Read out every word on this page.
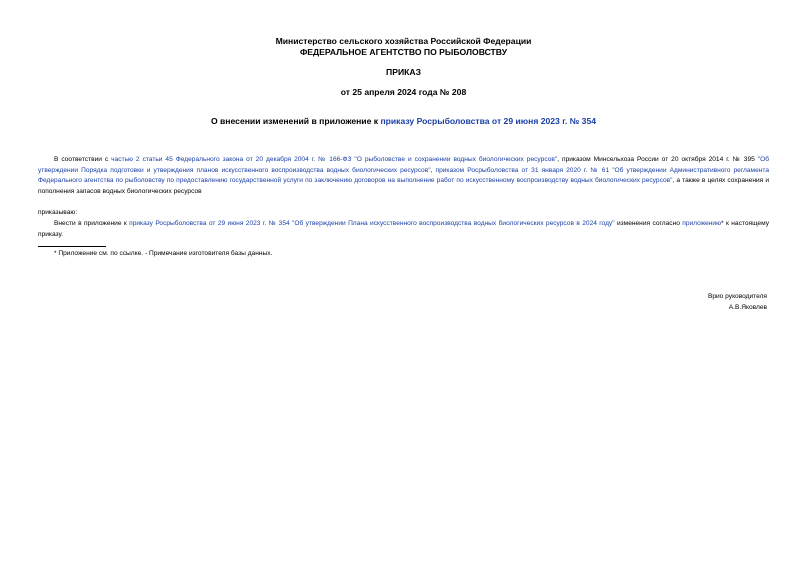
Министерство сельского хозяйства Российской Федерации
ФЕДЕРАЛЬНОЕ АГЕНТСТВО ПО РЫБОЛОВСТВУ
ПРИКАЗ
от 25 апреля 2024 года № 208
О внесении изменений в приложение к приказу Росрыболовства от 29 июня 2023 г. № 354
В соответствии с частью 2 статьи 45 Федерального закона от 20 декабря 2004 г. № 166-ФЗ "О рыболовстве и сохранении водных биологических ресурсов", приказом Минсельхоза России от 20 октября 2014 г. № 395 "Об утверждении Порядка подготовки и утверждения планов искусственного воспроизводства водных биологических ресурсов", приказом Росрыболовства от 31 января 2020 г. № 61 "Об утверждении Административного регламента Федерального агентства по рыболовству по предоставлению государственной услуги по заключению договоров на выполнение работ по искусственному воспроизводству водных биологических ресурсов", а также в целях сохранения и пополнения запасов водных биологических ресурсов
приказываю:
Внести в приложение к приказу Росрыболовства от 29 июня 2023 г. № 354 "Об утверждении Плана искусственного воспроизводства водных биологических ресурсов в 2024 году" изменения согласно приложению* к настоящему приказу.
* Приложение см. по ссылке. - Примечание изготовителя базы данных.
Врио руководителя
А.В.Яковлев
